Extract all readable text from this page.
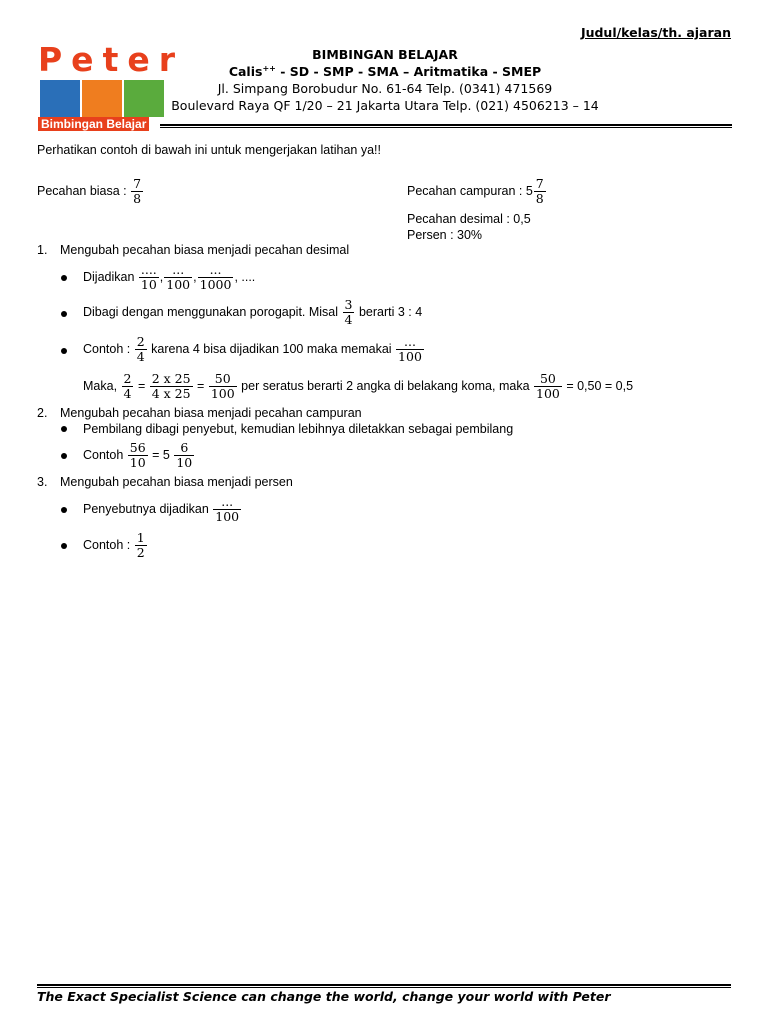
Judul/kelas/th. ajaran
Peter
Bimbingan Belajar
BIMBINGAN BELAJAR
Calis++ - SD - SMP - SMA – Aritmatika - SMEP
Jl. Simpang Borobudur No. 61-64 Telp. (0341) 471569
Boulevard Raya QF 1/20 – 21 Jakarta Utara Telp. (021) 4506213 – 14
Perhatikan contoh di bawah ini untuk mengerjakan latihan ya!!
Pecahan biasa : $\frac{7}{8}$	Pecahan campuran : $5 \frac{7}{8}$
Pecahan desimal : 0,5
Persen : 30%
1. Mengubah pecahan biasa menjadi pecahan desimal
Dijadikan $\frac{....}{10}$ , $\frac{...}{100}$ , $\frac{...}{1000}$ , ....
Dibagi dengan menggunakan porogapit. Misal $\frac{3}{4}$ berarti 3 : 4
Contoh : $\frac{2}{4}$ karena 4 bisa dijadikan 100 maka memakai $\frac{...}{100}$
Maka, $\frac{2}{4} = \frac{2 x 25}{4 x 25} = \frac{50}{100}$ per seratus berarti 2 angka di belakang koma, maka $\frac{50}{100} = 0,50 = 0,5$
2. Mengubah pecahan biasa menjadi pecahan campuran
Pembilang dibagi penyebut, kemudian lebihnya diletakkan sebagai pembilang
Contoh $\frac{56}{10} = 5 \frac{6}{10}$
3. Mengubah pecahan biasa menjadi persen
Penyebutnya dijadikan $\frac{...}{100}$
Contoh : $\frac{1}{2}$
The Exact Specialist Science can change the world, change your world with Peter
